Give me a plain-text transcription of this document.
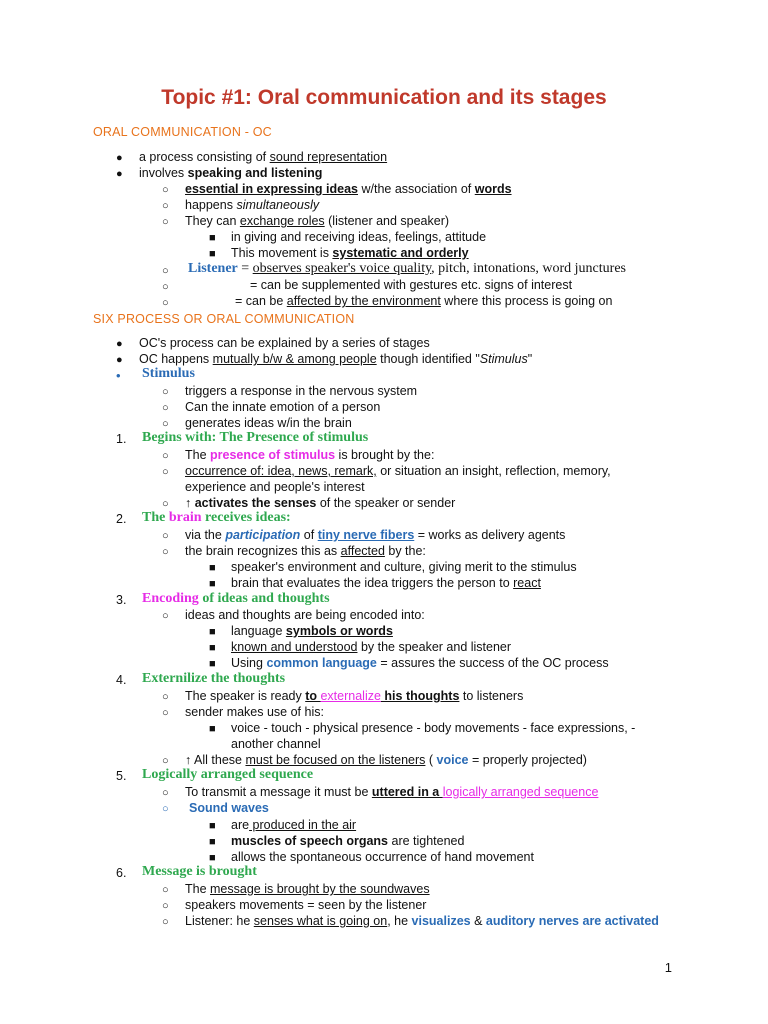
Topic #1: Oral communication and its stages
ORAL COMMUNICATION - OC
● a process consisting of sound representation
● involves speaking and listening
○ essential in expressing ideas w/the association of words
○ happens simultaneously
○ They can exchange roles (listener and speaker)
■ in giving and receiving ideas, feelings, attitude
■ This movement is systematic and orderly
○ Listener = observes speaker's voice quality, pitch, intonations, word junctures
○	= can be supplemented with gestures etc. signs of interest
○	= can be affected by the environment where this process is going on
SIX PROCESS OR ORAL COMMUNICATION
● OC's process can be explained by a series of stages
● OC happens mutually b/w & among people though identified "Stimulus"
• Stimulus
○ triggers a response in the nervous system
○ Can the innate emotion of a person
○ generates ideas w/in the brain
1. Begins with: The Presence of stimulus
○ The presence of stimulus is brought by the:
○ occurrence of: idea, news, remark, or situation an insight, reflection, memory,
experience and people's interest
○ ↑ activates the senses of the speaker or sender
2. The brain receives ideas:
○ via the participation of tiny nerve fibers = works as delivery agents
○ the brain recognizes this as affected by the:
■ speaker's environment and culture, giving merit to the stimulus
■ brain that evaluates the idea triggers the person to react
3. Encoding of ideas and thoughts
○ ideas and thoughts are being encoded into:
■ language symbols or words
■ known and understood by the speaker and listener
■ Using common language = assures the success of the OC process
4. Externilize the thoughts
○ The speaker is ready to externalize his thoughts to listeners
○ sender makes use of his:
■ voice - touch - physical presence - body movements - face expressions, -
another channel
○ ↑ All these must be focused on the listeners ( voice = properly projected)
5. Logically arranged sequence
○ To transmit a message it must be uttered in a logically arranged sequence
○ Sound waves
■ are produced in the air
■ muscles of speech organs are tightened
■ allows the spontaneous occurrence of hand movement
6. Message is brought
○ The message is brought by the soundwaves
○ speakers movements = seen by the listener
○ Listener: he senses what is going on, he visualizes & auditory nerves are activated
1
